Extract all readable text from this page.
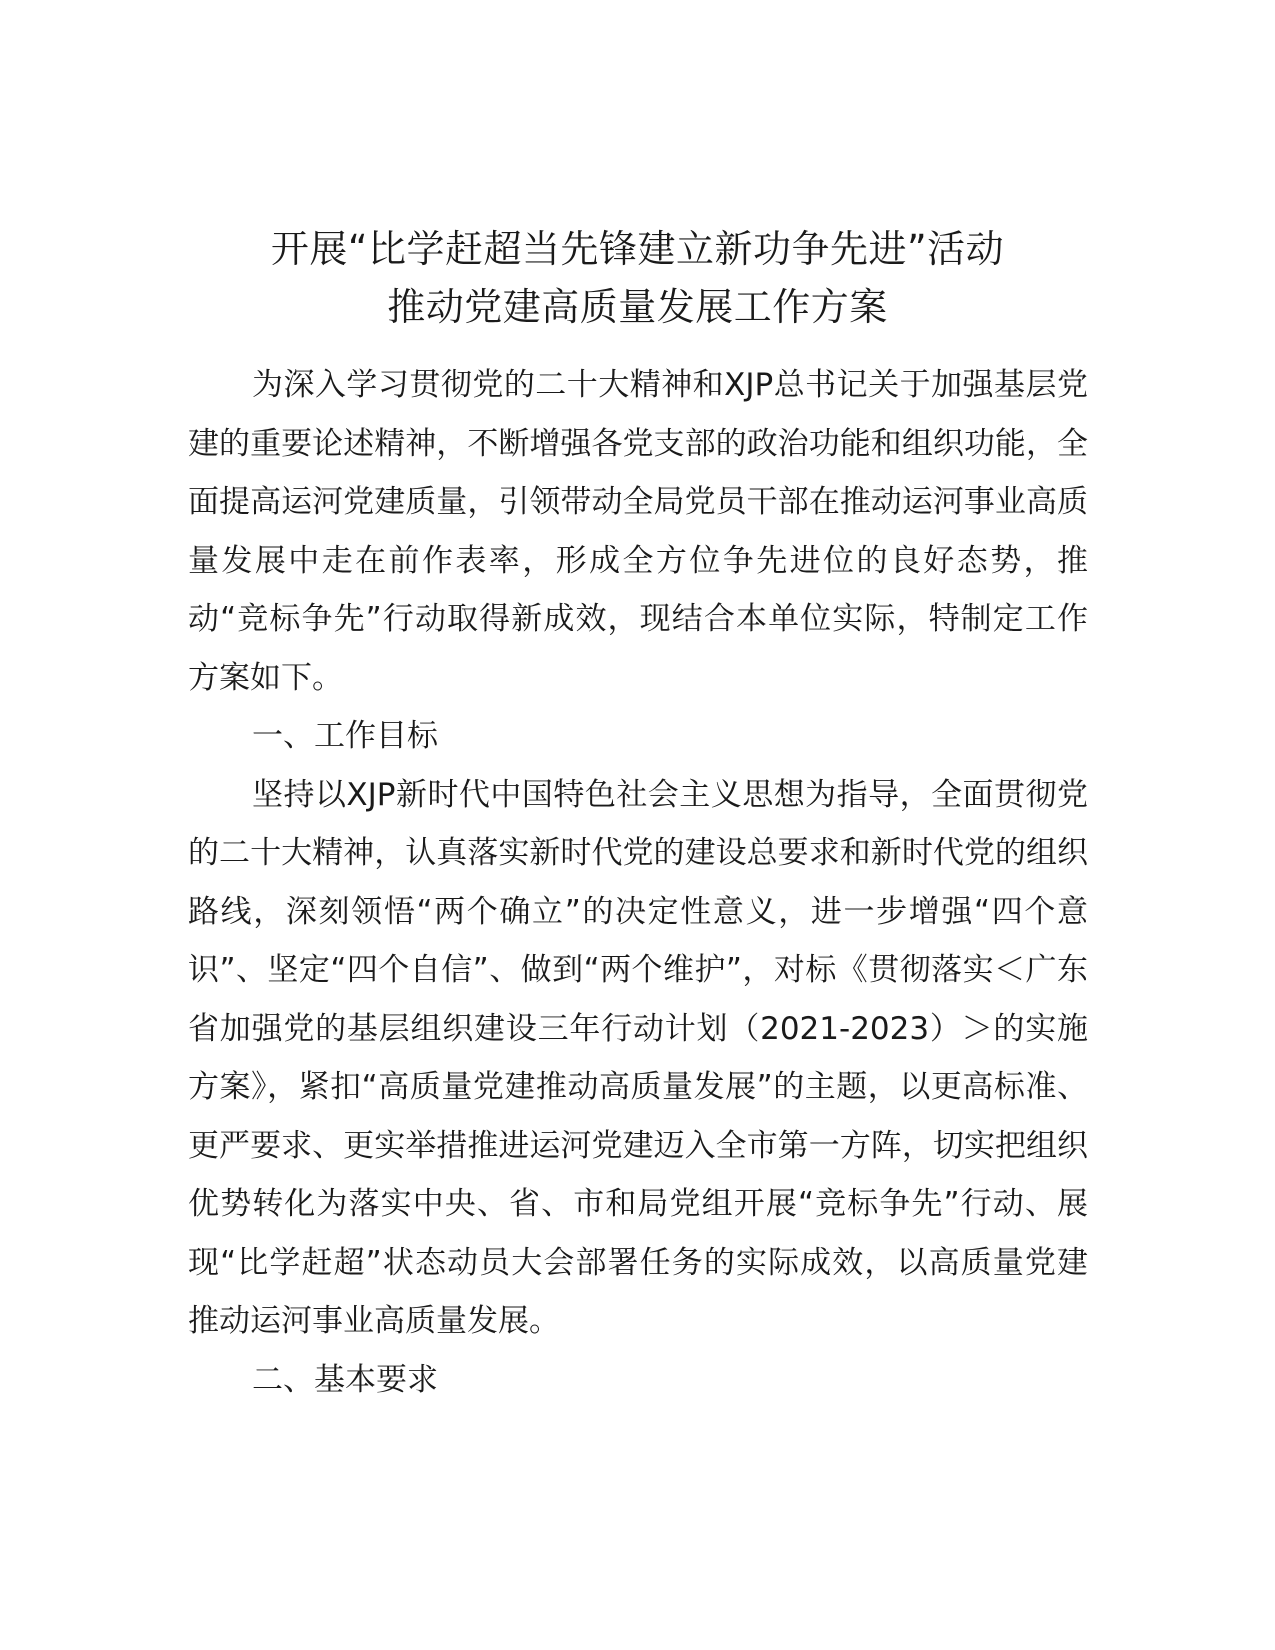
开展“比学赶超当先锋建立新功争先进”活动
推动党建高质量发展工作方案

为深入学习贯彻党的二十大精神和XJP总书记关于加强基层党建的重要论述精神，不断增强各党支部的政治功能和组织功能，全面提高运河党建质量，引领带动全局党员干部在推动运河事业高质量发展中走在前作表率，形成全方位争先进位的良好态势，推动“竞标争先”行动取得新成效，现结合本单位实际，特制定工作方案如下。

一、工作目标

坚持以XJP新时代中国特色社会主义思想为指导，全面贯彻党的二十大精神，认真落实新时代党的建设总要求和新时代党的组织路线，深刻领悟“两个确立”的决定性意义，进一步增强“四个意识”、坚定“四个自信”、做到“两个维护”，对标《贯彻落实＜广东省加强党的基层组织建设三年行动计划（2021-2023）＞的实施方案》，紧扣“高质量党建推动高质量发展”的主题，以更高标准、更严要求、更实举措推进运河党建迈入全市第一方阵，切实把组织优势转化为落实中央、省、市和局党组开展“竞标争先”行动、展现“比学赶超”状态动员大会部署任务的实际成效，以高质量党建推动运河事业高质量发展。

二、基本要求
